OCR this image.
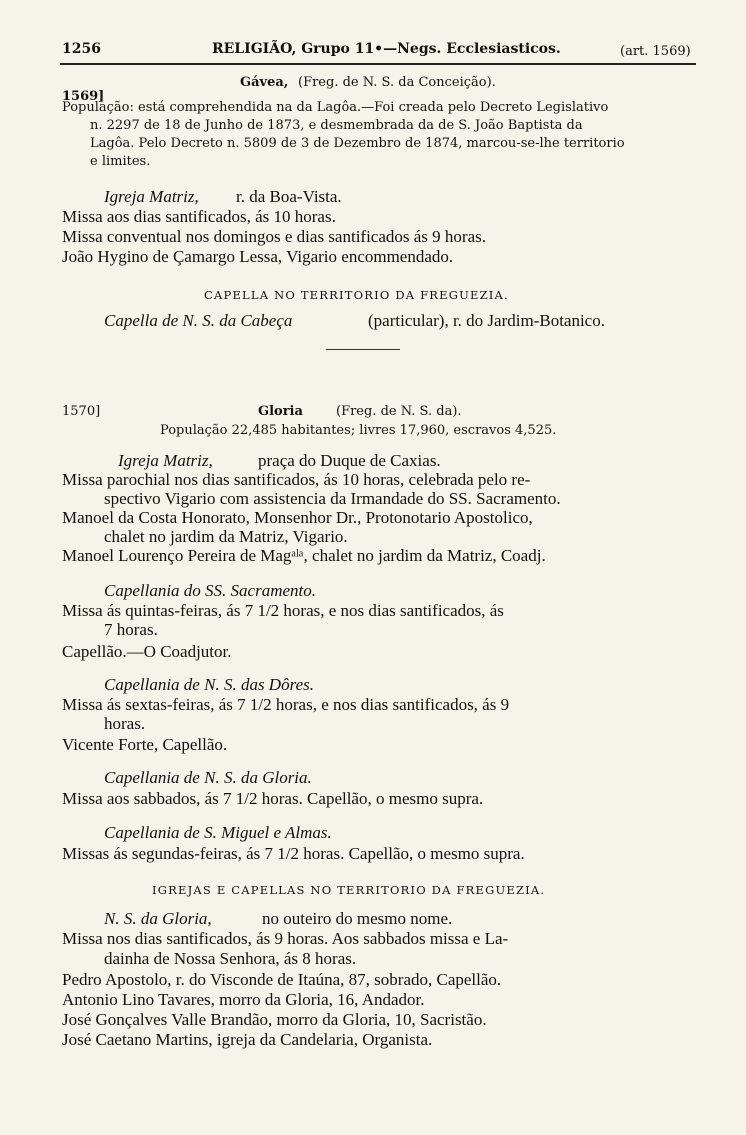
1256	RELIGIÃO, Grupo 11•—Negs. Ecclesiasticos.	(art. 1569)
1569]
Gávea, (Freg. de N. S. da Conceição).
População: está comprehendida na da Lagôa.—Foi creada pelo Decreto Legislativo
n. 2297 de 18 de Junho de 1873, e desmembrada da de S. João Baptista da
Lagôa. Pelo Decreto n. 5809 de 3 de Dezembro de 1874, marcou-se-lhe territorio
e limites.
Igreja Matriz, r. da Boa-Vista.
Missa aos dias santificados, ás 10 horas.
Missa conventual nos domingos e dias santificados ás 9 horas.
João Hygino de Çamargo Lessa, Vigario encommendado.
CAPELLA NO TERRITORIO DA FREGUEZIA.
Capella de N. S. da Cabeça	(particular), r. do Jardim-Botanico.
1570]	Gloria	(Freg. de N. S. da).
População 22,485 habitantes; livres 17,960, escravos 4,525.
Igreja Matriz,	praça do Duque de Caxias.
Missa parochial nos dias santificados, ás 10 horas, celebrada pelo re-
spectivo Vigario com assistencia da Irmandade do SS. Sacramento.
Manoel da Costa Honorato, Monsenhor Dr., Protonotario Apostolico,
chalet no jardim da Matriz, Vigario.
Manoel Lourenço Pereira de Magᵃˡᵃ, chalet no jardim da Matriz, Coadj.
Capellania do SS. Sacramento.
Missa ás quintas-feiras, ás 7 1/2 horas, e nos dias santificados, ás
7 horas.
Capellão.—O Coadjutor.
Capellania de N. S. das Dôres.
Missa ás sextas-feiras, ás 7 1/2 horas, e nos dias santificados, ás 9
horas.
Vicente Forte, Capellão.
Capellania de N. S. da Gloria.
Missa aos sabbados, ás 7 1/2 horas. Capellão, o mesmo supra.
Capellania de S. Miguel e Almas.
Missas ás segundas-feiras, ás 7 1/2 horas. Capellão, o mesmo supra.
IGREJAS E CAPELLAS NO TERRITORIO DA FREGUEZIA.
N. S. da Gloria,	no outeiro do mesmo nome.
Missa nos dias santificados, ás 9 horas. Aos sabbados missa e La-
dainha de Nossa Senhora, ás 8 horas.
Pedro Apostolo, r. do Visconde de Itaúna, 87, sobrado, Capellão.
Antonio Lino Tavares, morro da Gloria, 16, Andador.
José Gonçalves Valle Brandão, morro da Gloria, 10, Sacristão.
José Caetano Martins, igreja da Candelaria, Organista.
